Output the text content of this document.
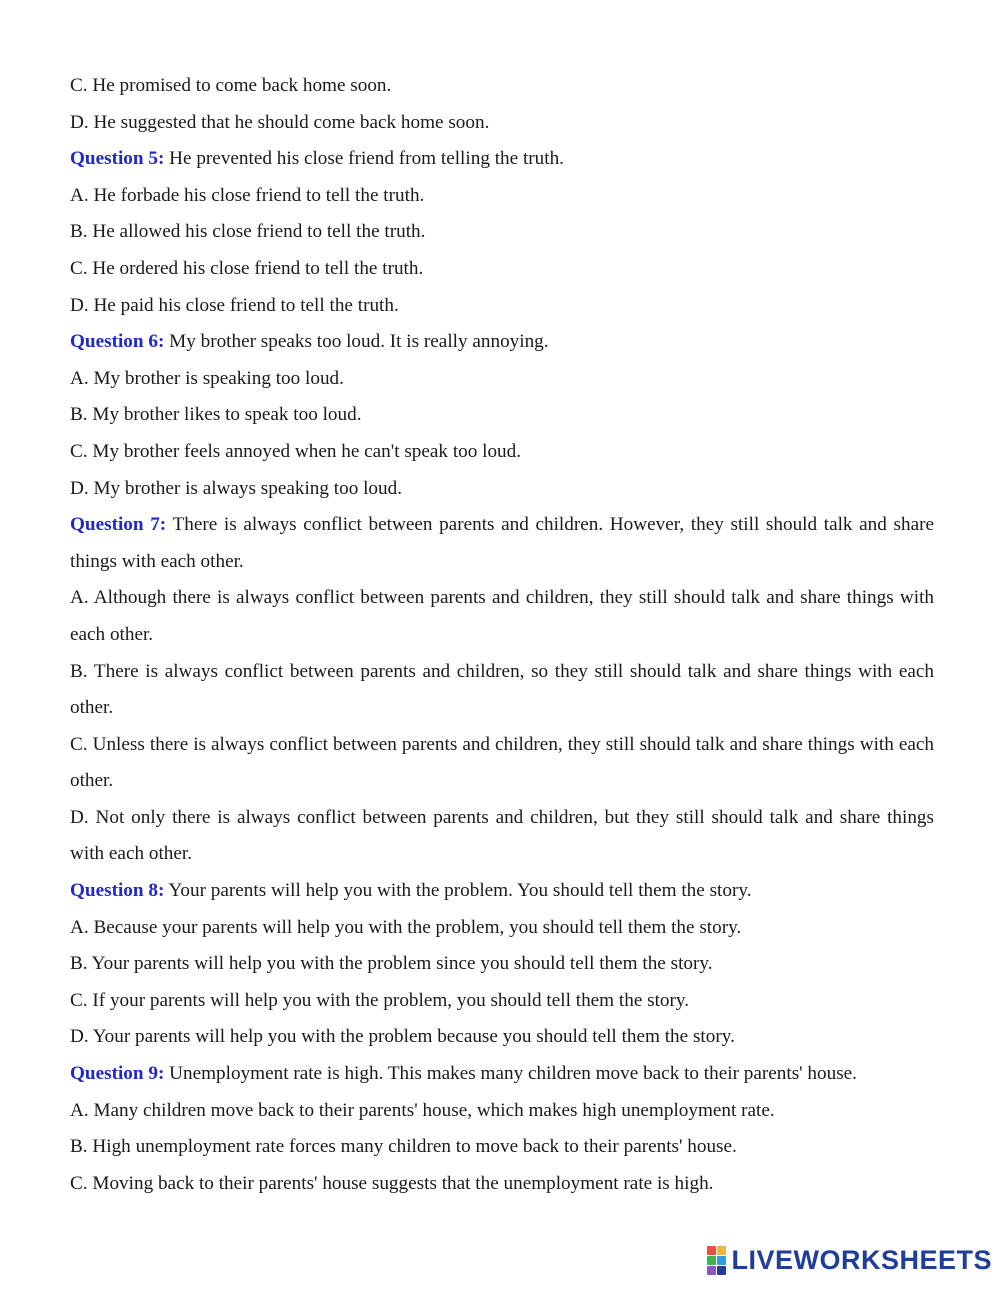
C. He promised to come back home soon.
D. He suggested that he should come back home soon.
Question 5: He prevented his close friend from telling the truth.
A. He forbade his close friend to tell the truth.
B. He allowed his close friend to tell the truth.
C. He ordered his close friend to tell the truth.
D. He paid his close friend to tell the truth.
Question 6: My brother speaks too loud. It is really annoying.
A. My brother is speaking too loud.
B. My brother likes to speak too loud.
C. My brother feels annoyed when he can't speak too loud.
D. My brother is always speaking too loud.
Question 7: There is always conflict between parents and children. However, they still should talk and share things with each other.
A. Although there is always conflict between parents and children, they still should talk and share things with each other.
B. There is always conflict between parents and children, so they still should talk and share things with each other.
C. Unless there is always conflict between parents and children, they still should talk and share things with each other.
D. Not only there is always conflict between parents and children, but they still should talk and share things with each other.
Question 8: Your parents will help you with the problem. You should tell them the story.
A. Because your parents will help you with the problem, you should tell them the story.
B. Your parents will help you with the problem since you should tell them the story.
C. If your parents will help you with the problem, you should tell them the story.
D. Your parents will help you with the problem because you should tell them the story.
Question 9: Unemployment rate is high. This makes many children move back to their parents' house.
A. Many children move back to their parents' house, which makes high unemployment rate.
B. High unemployment rate forces many children to move back to their parents' house.
C. Moving back to their parents' house suggests that the unemployment rate is high.
LIVEWORKSHEETS
